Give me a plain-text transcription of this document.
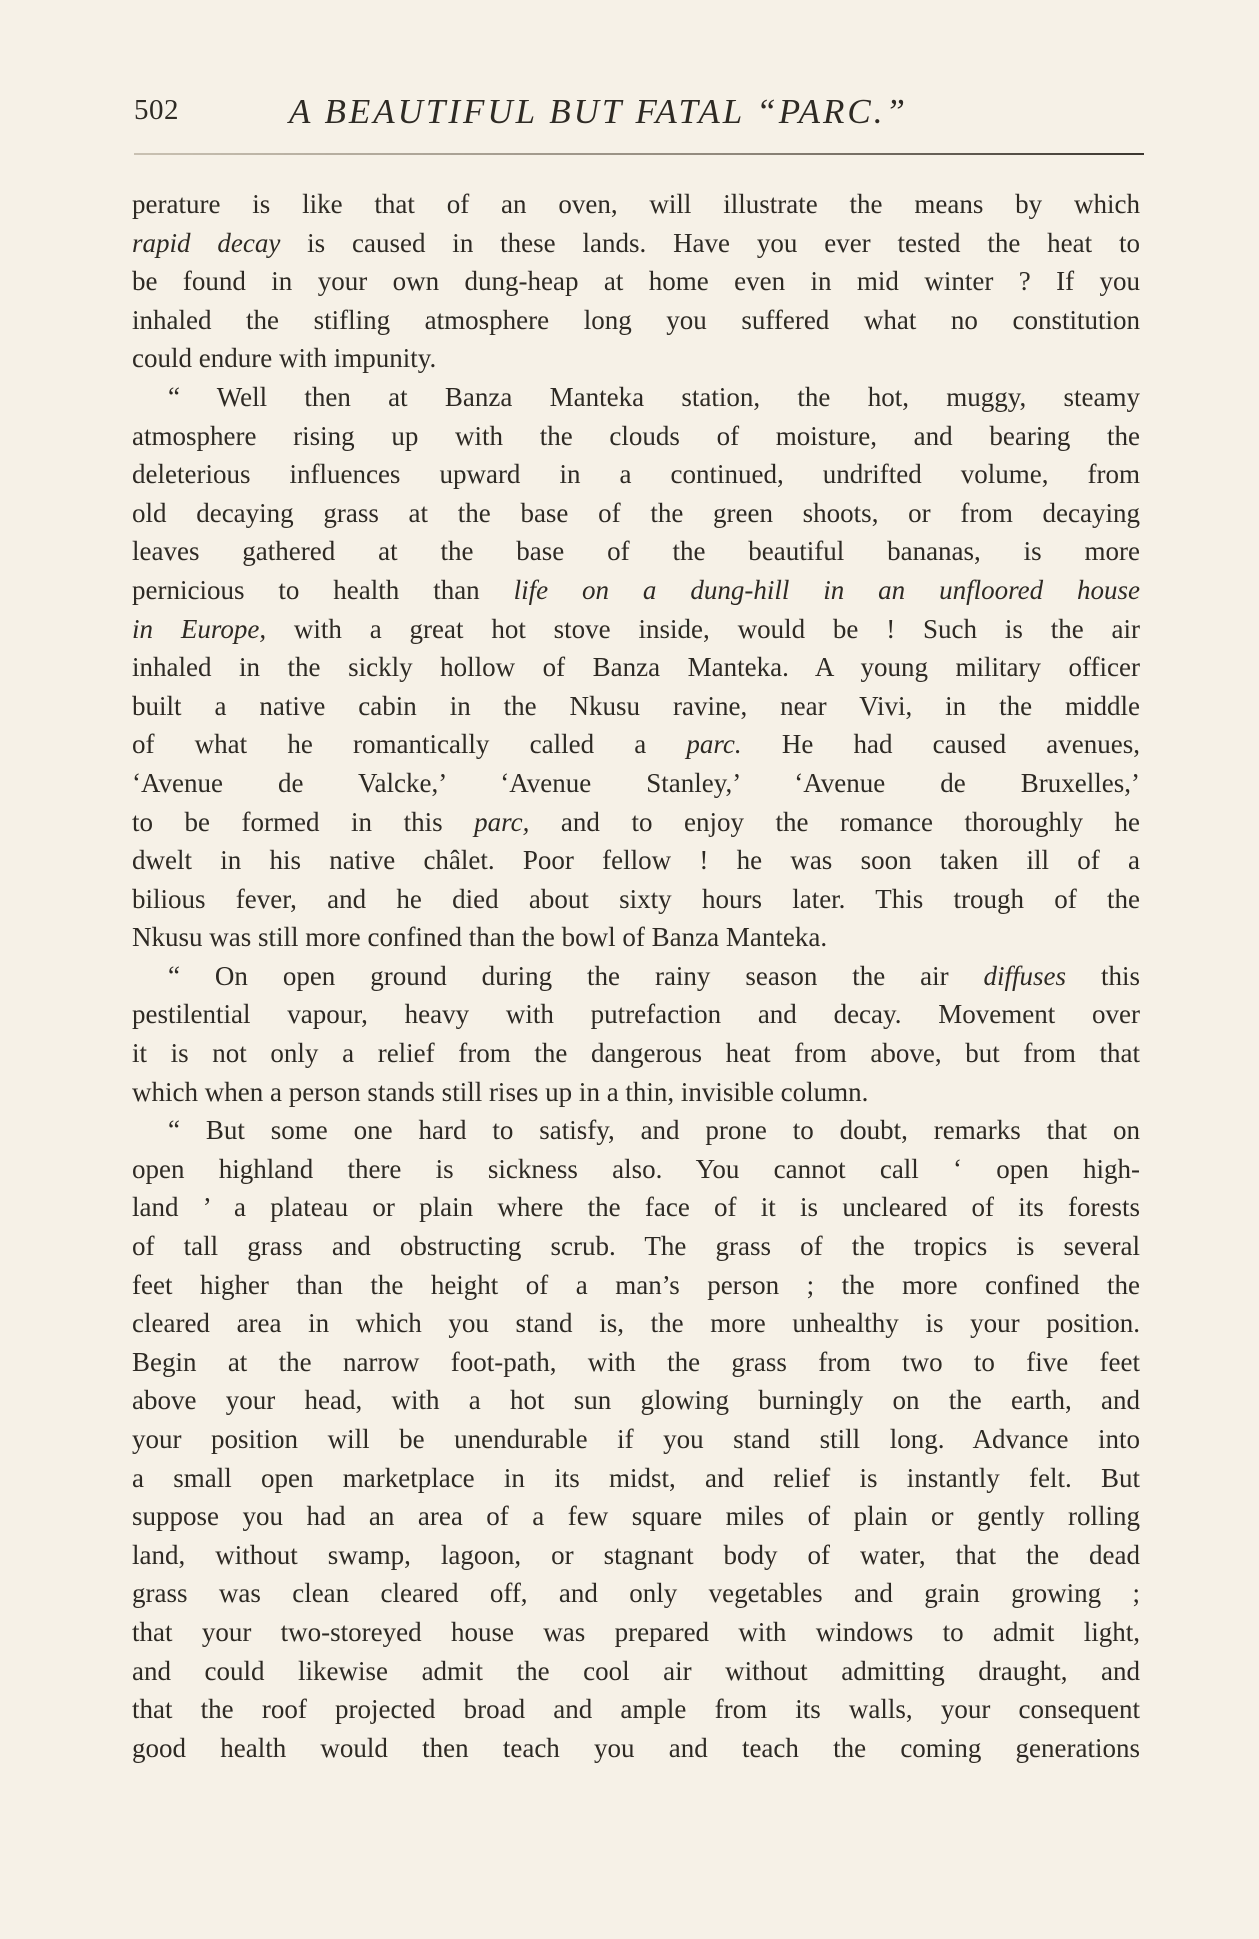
502	A BEAUTIFUL BUT FATAL “PARC.”
perature is like that of an oven, will illustrate the means by which
rapid decay is caused in these lands. Have you ever tested the heat to
be found in your own dung-heap at home even in mid winter ? If you
inhaled the stifling atmosphere long you suffered what no constitution
could endure with impunity.
“ Well then at Banza Manteka station, the hot, muggy, steamy
atmosphere rising up with the clouds of moisture, and bearing the
deleterious influences upward in a continued, undrifted volume, from
old decaying grass at the base of the green shoots, or from decaying
leaves gathered at the base of the beautiful bananas, is more
pernicious to health than life on a dung-hill in an unfloored house
in Europe, with a great hot stove inside, would be ! Such is the air
inhaled in the sickly hollow of Banza Manteka. A young military officer
built a native cabin in the Nkusu ravine, near Vivi, in the middle
of what he romantically called a parc. He had caused avenues,
‘Avenue de Valcke,’ ‘Avenue Stanley,’ ‘Avenue de Bruxelles,’
to be formed in this parc, and to enjoy the romance thoroughly he
dwelt in his native châlet. Poor fellow ! he was soon taken ill of a
bilious fever, and he died about sixty hours later. This trough of the
Nkusu was still more confined than the bowl of Banza Manteka.
“ On open ground during the rainy season the air diffuses this
pestilential vapour, heavy with putrefaction and decay. Movement over
it is not only a relief from the dangerous heat from above, but from that
which when a person stands still rises up in a thin, invisible column.
“ But some one hard to satisfy, and prone to doubt, remarks that on
open highland there is sickness also. You cannot call ‘ open high-
land ’ a plateau or plain where the face of it is uncleared of its forests
of tall grass and obstructing scrub. The grass of the tropics is several
feet higher than the height of a man’s person ; the more confined the
cleared area in which you stand is, the more unhealthy is your position.
Begin at the narrow foot-path, with the grass from two to five feet
above your head, with a hot sun glowing burningly on the earth, and
your position will be unendurable if you stand still long. Advance into
a small open marketplace in its midst, and relief is instantly felt. But
suppose you had an area of a few square miles of plain or gently rolling
land, without swamp, lagoon, or stagnant body of water, that the dead
grass was clean cleared off, and only vegetables and grain growing ;
that your two-storeyed house was prepared with windows to admit light,
and could likewise admit the cool air without admitting draught, and
that the roof projected broad and ample from its walls, your consequent
good health would then teach you and teach the coming generations
